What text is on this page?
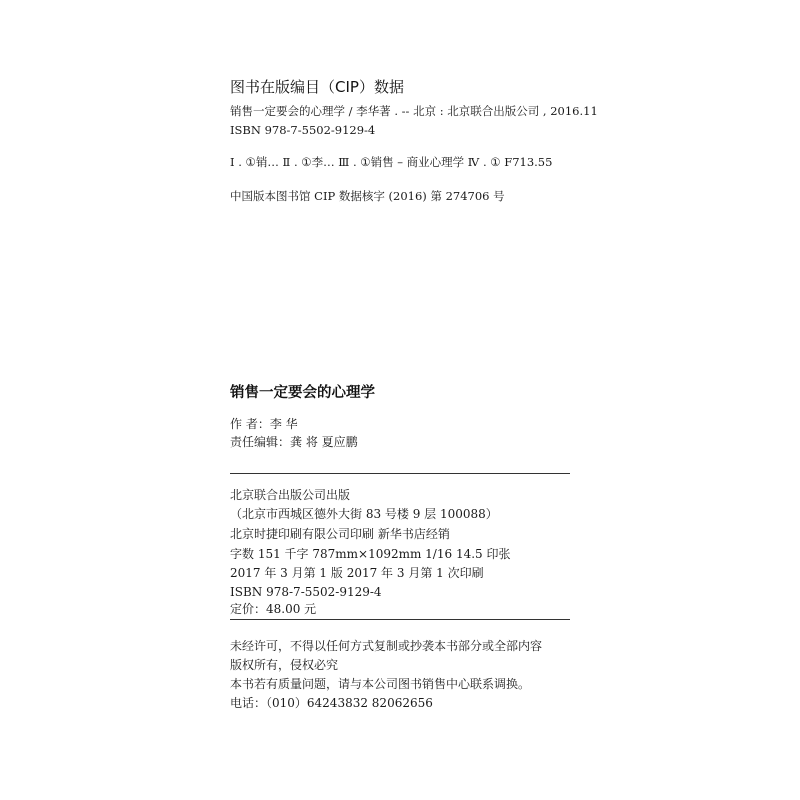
图书在版编目（CIP）数据
销售一定要会的心理学 / 李华著 . -- 北京 : 北京联合出版公司 , 2016.11
ISBN 978-7-5502-9129-4
Ⅰ . ①销… Ⅱ . ①李… Ⅲ . ①销售 – 商业心理学 Ⅳ . ① F713.55
中国版本图书馆 CIP 数据核字 (2016) 第 274706 号
销售一定要会的心理学
作 者：李 华
责任编辑：龚 将 夏应鹏
北京联合出版公司出版
（北京市西城区德外大街 83 号楼 9 层 100088）
北京时捷印刷有限公司印刷 新华书店经销
字数 151 千字 787mm×1092mm 1/16 14.5 印张
2017 年 3 月第 1 版 2017 年 3 月第 1 次印刷
ISBN 978-7-5502-9129-4
定价：48.00 元
未经许可，不得以任何方式复制或抄袭本书部分或全部内容
版权所有，侵权必究
本书若有质量问题，请与本公司图书销售中心联系调换。
电话：（010）64243832 82062656
